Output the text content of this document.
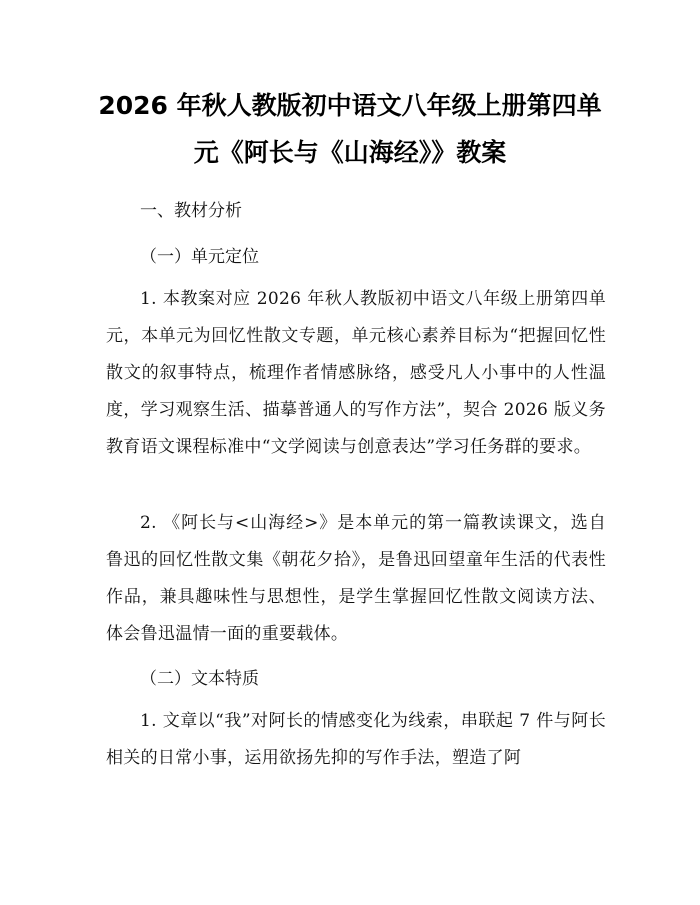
2026 年秋人教版初中语文八年级上册第四单
元《阿长与《山海经》》教案
一、教材分析
（一）单元定位
1. 本教案对应 2026 年秋人教版初中语文八年级上册第四单元，本单元为回忆性散文专题，单元核心素养目标为“把握回忆性散文的叙事特点，梳理作者情感脉络，感受凡人小事中的人性温度，学习观察生活、描摹普通人的写作方法”，契合 2026 版义务教育语文课程标准中“文学阅读与创意表达”学习任务群的要求。
2. 《阿长与<山海经>》是本单元的第一篇教读课文，选自鲁迅的回忆性散文集《朝花夕拾》，是鲁迅回望童年生活的代表性作品，兼具趣味性与思想性，是学生掌握回忆性散文阅读方法、体会鲁迅温情一面的重要载体。
（二）文本特质
1. 文章以“我”对阿长的情感变化为线索，串联起 7 件与阿长相关的日常小事，运用欲扬先抑的写作手法，塑造了阿
